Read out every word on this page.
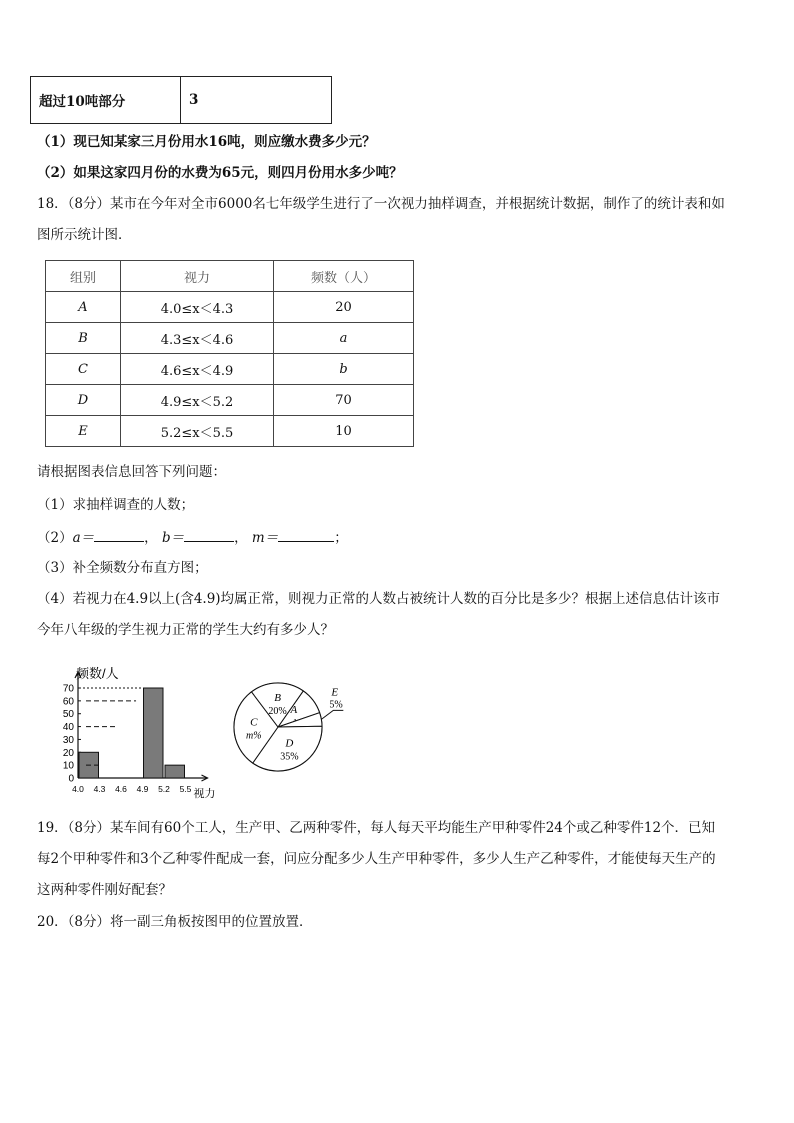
超过10吨部分	3
（1）现已知某家三月份用水16吨，则应缴水费多少元？
（2）如果这家四月份的水费为65元，则四月份用水多少吨？
18．（8分）某市在今年对全市6000名七年级学生进行了一次视力抽样调查，并根据统计数据，制作了的统计表和如
图所示统计图．
组别	视力	频数（人）
A	4.0≤x＜4.3	20
B	4.3≤x＜4.6	a
C	4.6≤x＜4.9	b
D	4.9≤x＜5.2	70
E	5.2≤x＜5.5	10
请根据图表信息回答下列问题：
（1）求抽样调查的人数；
（2）a＝	， b＝	， m＝	；
（3）补全频数分布直方图；
（4）若视力在4.9以上(含4.9)均属正常，则视力正常的人数占被统计人数的百分比是多少？根据上述信息估计该市
今年八年级的学生视力正常的学生大约有多少人？
0
10
20
30
40
50
60
70
4.0 4.3 4.6 4.9 5.2 5.5
频数/人
视力
A
E
5%
D
35%
C
m%
B
20%
19．（8分）某车间有60个工人，生产甲、乙两种零件，每人每天平均能生产甲种零件24个或乙种零件12个．已知
每2个甲种零件和3个乙种零件配成一套，问应分配多少人生产甲种零件，多少人生产乙种零件，才能使每天生产的
这两种零件刚好配套？
20．（8分）将一副三角板按图甲的位置放置．
